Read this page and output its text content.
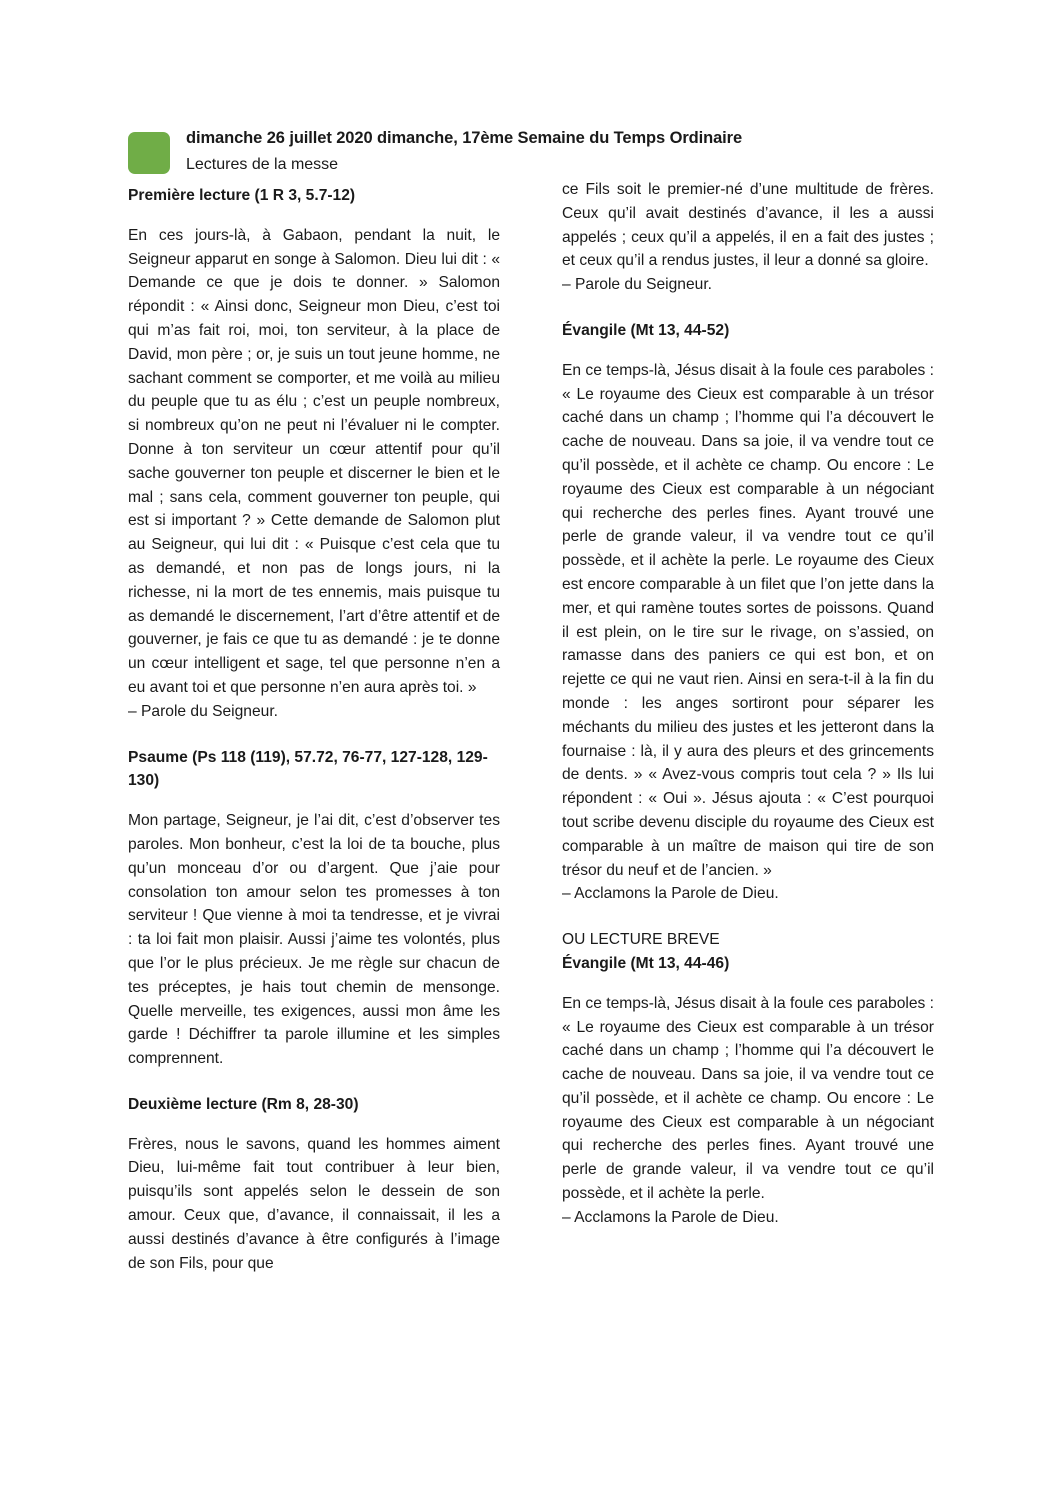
dimanche 26 juillet 2020 dimanche, 17ème Semaine du Temps Ordinaire
Lectures de la messe

Première lecture (1 R 3, 5.7-12)

En ces jours-là, à Gabaon, pendant la nuit, le Seigneur apparut en songe à Salomon. Dieu lui dit : « Demande ce que je dois te donner. » Salomon répondit : « Ainsi donc, Seigneur mon Dieu, c’est toi qui m’as fait roi, moi, ton serviteur, à la place de David, mon père ; or, je suis un tout jeune homme, ne sachant comment se comporter, et me voilà au milieu du peuple que tu as élu ; c’est un peuple nombreux, si nombreux qu’on ne peut ni l’évaluer ni le compter. Donne à ton serviteur un cœur attentif pour qu’il sache gouverner ton peuple et discerner le bien et le mal ; sans cela, comment gouverner ton peuple, qui est si important ? » Cette demande de Salomon plut au Seigneur, qui lui dit : « Puisque c’est cela que tu as demandé, et non pas de longs jours, ni la richesse, ni la mort de tes ennemis, mais puisque tu as demandé le discernement, l’art d’être attentif et de gouverner, je fais ce que tu as demandé : je te donne un cœur intelligent et sage, tel que personne n’en a eu avant toi et que personne n’en aura après toi. »

– Parole du Seigneur.

Psaume (Ps 118 (119), 57.72, 76-77, 127-128, 129-130)

Mon partage, Seigneur, je l’ai dit, c’est d’observer tes paroles. Mon bonheur, c’est la loi de ta bouche, plus qu’un monceau d’or ou d’argent. Que j’aie pour consolation ton amour selon tes promesses à ton serviteur ! Que vienne à moi ta tendresse, et je vivrai : ta loi fait mon plaisir. Aussi j’aime tes volontés, plus que l’or le plus précieux. Je me règle sur chacun de tes préceptes, je hais tout chemin de mensonge. Quelle merveille, tes exigences, aussi mon âme les garde ! Déchiffrer ta parole illumine et les simples comprennent.

Deuxième lecture (Rm 8, 28-30)

Frères, nous le savons, quand les hommes aiment Dieu, lui-même fait tout contribuer à leur bien, puisqu’ils sont appelés selon le dessein de son amour. Ceux que, d’avance, il connaissait, il les a aussi destinés d’avance à être configurés à l’image de son Fils, pour que

ce Fils soit le premier-né d’une multitude de frères. Ceux qu’il avait destinés d’avance, il les a aussi appelés ; ceux qu’il a appelés, il en a fait des justes ; et ceux qu’il a rendus justes, il leur a donné sa gloire.

– Parole du Seigneur.

Évangile (Mt 13, 44-52)

En ce temps-là, Jésus disait à la foule ces paraboles : « Le royaume des Cieux est comparable à un trésor caché dans un champ ; l’homme qui l’a découvert le cache de nouveau. Dans sa joie, il va vendre tout ce qu’il possède, et il achète ce champ. Ou encore : Le royaume des Cieux est comparable à un négociant qui recherche des perles fines. Ayant trouvé une perle de grande valeur, il va vendre tout ce qu’il possède, et il achète la perle. Le royaume des Cieux est encore comparable à un filet que l’on jette dans la mer, et qui ramène toutes sortes de poissons. Quand il est plein, on le tire sur le rivage, on s’assied, on ramasse dans des paniers ce qui est bon, et on rejette ce qui ne vaut rien. Ainsi en sera-t-il à la fin du monde : les anges sortiront pour séparer les méchants du milieu des justes et les jetteront dans la fournaise : là, il y aura des pleurs et des grincements de dents. » « Avez-vous compris tout cela ? » Ils lui répondent : « Oui ». Jésus ajouta : « C’est pourquoi tout scribe devenu disciple du royaume des Cieux est comparable à un maître de maison qui tire de son trésor du neuf et de l’ancien. »

– Acclamons la Parole de Dieu.

OU LECTURE BREVE

Évangile (Mt 13, 44-46)

En ce temps-là, Jésus disait à la foule ces paraboles : « Le royaume des Cieux est comparable à un trésor caché dans un champ ; l’homme qui l’a découvert le cache de nouveau. Dans sa joie, il va vendre tout ce qu’il possède, et il achète ce champ. Ou encore : Le royaume des Cieux est comparable à un négociant qui recherche des perles fines. Ayant trouvé une perle de grande valeur, il va vendre tout ce qu’il possède, et il achète la perle.

– Acclamons la Parole de Dieu.
